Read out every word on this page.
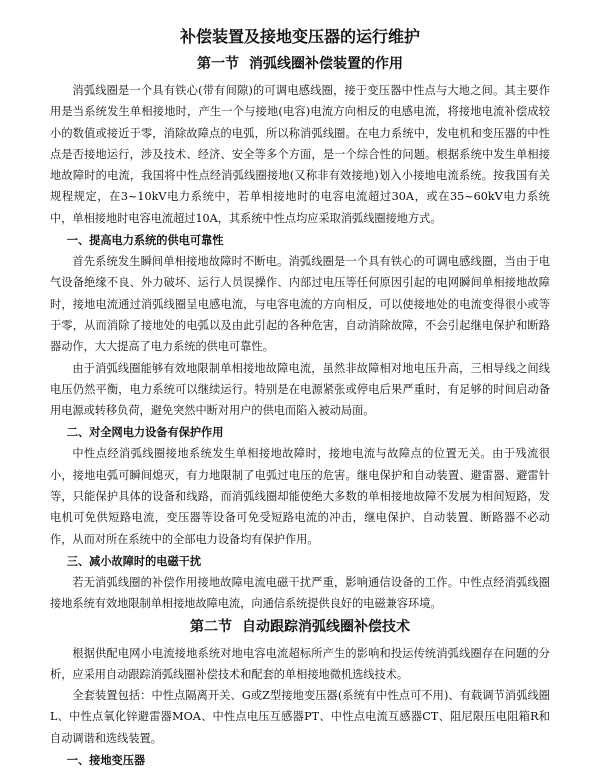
补偿装置及接地变压器的运行维护
第一节 消弧线圈补偿装置的作用

消弧线圈是一个具有铁心(带有间隙)的可调电感线圈，接于变压器中性点与大地之间。其主要作用是当系统发生单相接地时，产生一个与接地(电容)电流方向相反的电感电流，将接地电流补偿成较小的数值或接近于零，消除故障点的电弧，所以称消弧线圈。在电力系统中，发电机和变压器的中性点是否接地运行，涉及技术、经济、安全等多个方面，是一个综合性的问题。根据系统中发生单相接地故障时的电流，我国将中性点经消弧线圈接地(又称非有效接地)划入小接地电流系统。按我国有关规程规定，在3~10kV电力系统中，若单相接地时的电容电流超过30A，或在35~60kV电力系统中，单相接地时电容电流超过10A，其系统中性点均应采取消弧线圈接地方式。

一、提高电力系统的供电可靠性

首先系统发生瞬间单相接地故障时不断电。消弧线圈是一个具有铁心的可调电感线圈，当由于电气设备绝缘不良、外力破坏、运行人员误操作、内部过电压等任何原因引起的电网瞬间单相接地故障时，接地电流通过消弧线圈呈电感电流，与电容电流的方向相反，可以使接地处的电流变得很小或等于零，从而消除了接地处的电弧以及由此引起的各种危害，自动消除故障，不会引起继电保护和断路器动作，大大提高了电力系统的供电可靠性。

由于消弧线圈能够有效地限制单相接地故障电流，虽然非故障相对地电压升高，三相导线之间线电压仍然平衡，电力系统可以继续运行。特别是在电源紧张或停电后果严重时，有足够的时间启动备用电源或转移负荷，避免突然中断对用户的供电而陷入被动局面。

二、对全网电力设备有保护作用

中性点经消弧线圈接地系统发生单相接地故障时，接地电流与故障点的位置无关。由于残流很小，接地电弧可瞬间熄灭，有力地限制了电弧过电压的危害。继电保护和自动装置、避雷器、避雷针等，只能保护具体的设备和线路，而消弧线圈却能使绝大多数的单相接地故障不发展为相间短路，发电机可免供短路电流，变压器等设备可免受短路电流的冲击，继电保护、自动装置、断路器不必动作，从而对所在系统中的全部电力设备均有保护作用。

三、减小故障时的电磁干扰

若无消弧线圈的补偿作用接地故障电流电磁干扰严重，影响通信设备的工作。中性点经消弧线圈接地系统有效地限制单相接地故障电流，向通信系统提供良好的电磁兼容环境。

第二节 自动跟踪消弧线圈补偿技术

根据供配电网小电流接地系统对地电容电流超标所产生的影响和投运传统消弧线圈存在问题的分析，应采用自动跟踪消弧线圈补偿技术和配套的单相接地微机选线技术。

全套装置包括：中性点隔离开关、G或Z型接地变压器(系统有中性点可不用)、有载调节消弧线圈L、中性点氧化锌避雷器MOA、中性点电压互感器PT、中性点电流互感器CT、阻尼限压电阻箱R和自动调谐和选线装置。

一、接地变压器
